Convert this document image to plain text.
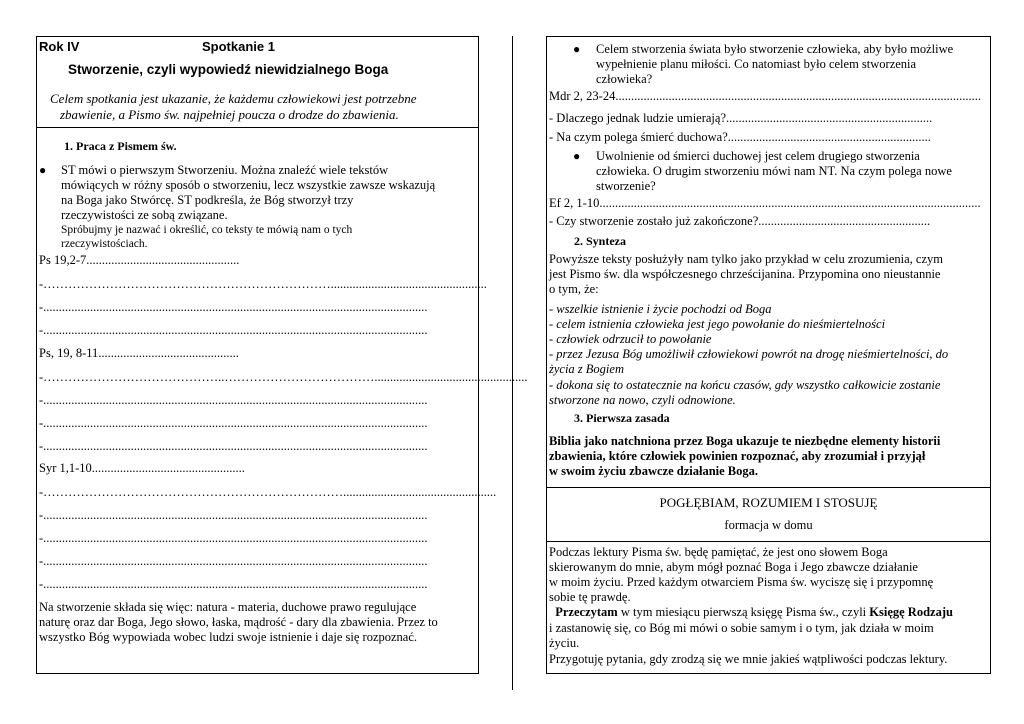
Rok IV	Spotkanie 1
Stworzenie, czyli wypowiedź niewidzialnego Boga
Celem spotkania jest ukazanie, że każdemu człowiekowi jest potrzebne
zbawienie, a Pismo św. najpełniej poucza o drodze do zbawienia.
1. Praca z Pismem św.
● ST mówi o pierwszym Stworzeniu. Można znaleźć wiele tekstów
mówiących w różny sposób o stworzeniu, lecz wszystkie zawsze wskazują
na Boga jako Stwórcę. ST podkreśla, że Bóg stworzył trzy
rzeczywistości ze sobą związane.
Spróbujmy je nazwać i określić, co teksty te mówią nam o tych
rzeczywistościach.
Ps 19,2-7.................................................
-……………………………………………………………..................................................
-...........................................................................................................................
-...........................................................................................................................
Ps, 19, 8-11.............................................
-……………………………………..……………………………….................................................
-...........................................................................................................................
-...........................................................................................................................
-...........................................................................................................................
Syr 1,1-10.................................................
-……………………………………………………………….................................................
-...........................................................................................................................
-...........................................................................................................................
-...........................................................................................................................
-...........................................................................................................................
Na stworzenie składa się więc: natura - materia, duchowe prawo regulujące
naturę oraz dar Boga, Jego słowo, łaska, mądrość - dary dla zbawienia. Przez to
wszystko Bóg wypowiada wobec ludzi swoje istnienie i daje się rozpoznać.
● Celem stworzenia świata było stworzenie człowieka, aby było możliwe
wypełnienie planu miłości. Co natomiast było celem stworzenia
człowieka?
Mdr 2, 23-24.....................................................................................................................
- Dlaczego jednak ludzie umierają?..................................................................
- Na czym polega śmierć duchowa?.................................................................
● Uwolnienie od śmierci duchowej jest celem drugiego stworzenia
człowieka. O drugim stworzeniu mówi nam NT. Na czym polega nowe
stworzenie?
Ef 2, 1-10..........................................................................................................................
- Czy stworzenie zostało już zakończone?.......................................................
2. Synteza
Powyższe teksty posłużyły nam tylko jako przykład w celu zrozumienia, czym
jest Pismo św. dla współczesnego chrześcijanina. Przypomina ono nieustannie
o tym, że:
- wszelkie istnienie i życie pochodzi od Boga
- celem istnienia człowieka jest jego powołanie do nieśmiertelności
- człowiek odrzucił to powołanie
- przez Jezusa Bóg umożliwił człowiekowi powrót na drogę nieśmiertelności, do
życia z Bogiem
- dokona się to ostatecznie na końcu czasów, gdy wszystko całkowicie zostanie
stworzone na nowo, czyli odnowione.
3. Pierwsza zasada
Biblia jako natchniona przez Boga ukazuje te niezbędne elementy historii
zbawienia, które człowiek powinien rozpoznać, aby zrozumiał i przyjął
w swoim życiu zbawcze działanie Boga.
POGŁĘBIAM, ROZUMIEM I STOSUJĘ
formacja w domu
Podczas lektury Pisma św. będę pamiętać, że jest ono słowem Boga
skierowanym do mnie, abym mógł poznać Boga i Jego zbawcze działanie
w moim życiu. Przed każdym otwarciem Pisma św. wyciszę się i przypomnę
sobie tę prawdę.
Przeczytam w tym miesiącu pierwszą księgę Pisma św., czyli Księgę Rodzaju
i zastanowię się, co Bóg mi mówi o sobie samym i o tym, jak działa w moim
życiu.
Przygotuję pytania, gdy zrodzą się we mnie jakieś wątpliwości podczas lektury.
